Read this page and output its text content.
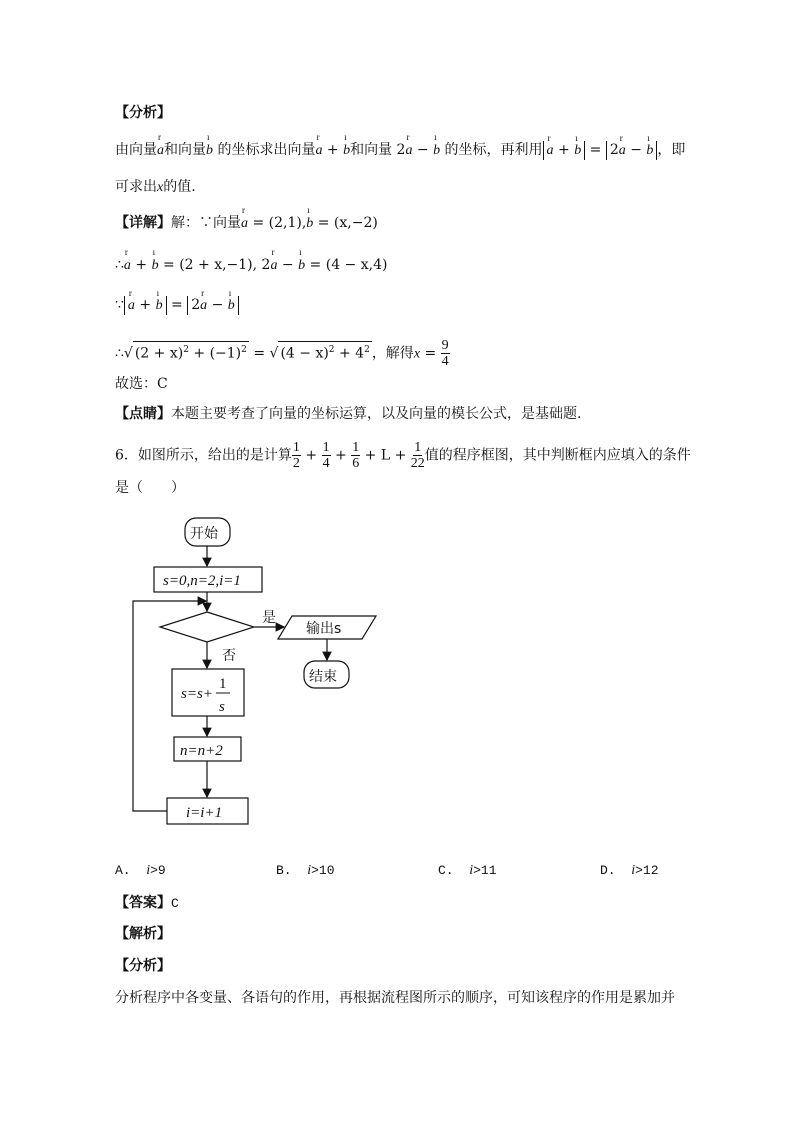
【分析】
由向量
r
a和向量
ı
b 的坐标求出向量
r
a +
ı
b和向量 2
r
a −
ı
b 的坐标，再利用
r
a +
ı
b = 2
r
a −
ı
b ，即
可求出x的值.
【详解】解：∵向量
r
a = (2,1),
ı
b = (x,−2)
∴
r
a +
ı
b = (2 + x,−1), 2
r
a −
ı
b = (4 − x,4)
∵
r
a +
ı
b = 2
r
a −
ı
b
∴√ $(2 + x)^2 + (-1)^2$ = √ $(4 - x)^2 + 4^2$ ，解得$x = \frac{9}{4}$
故选：C
【点睛】本题主要考查了向量的坐标运算，以及向量的模长公式，是基础题.
6．如图所示，给出的是计算 $\frac{1}{2} + \frac{1}{4} + \frac{1}{6} + L + \frac{1}{22}$ 值的程序框图，其中判断框内应填入的条件
是（　　）
开始
s=0,n=2,i=1
是
否
输出s
结束
s=s+
1
s
n=n+2
i=i+1
A. i>9	B. i>10	C. i>11	D. i>12
【答案】C
【解析】
【分析】
分析程序中各变量、各语句的作用，再根据流程图所示的顺序，可知该程序的作用是累加并
